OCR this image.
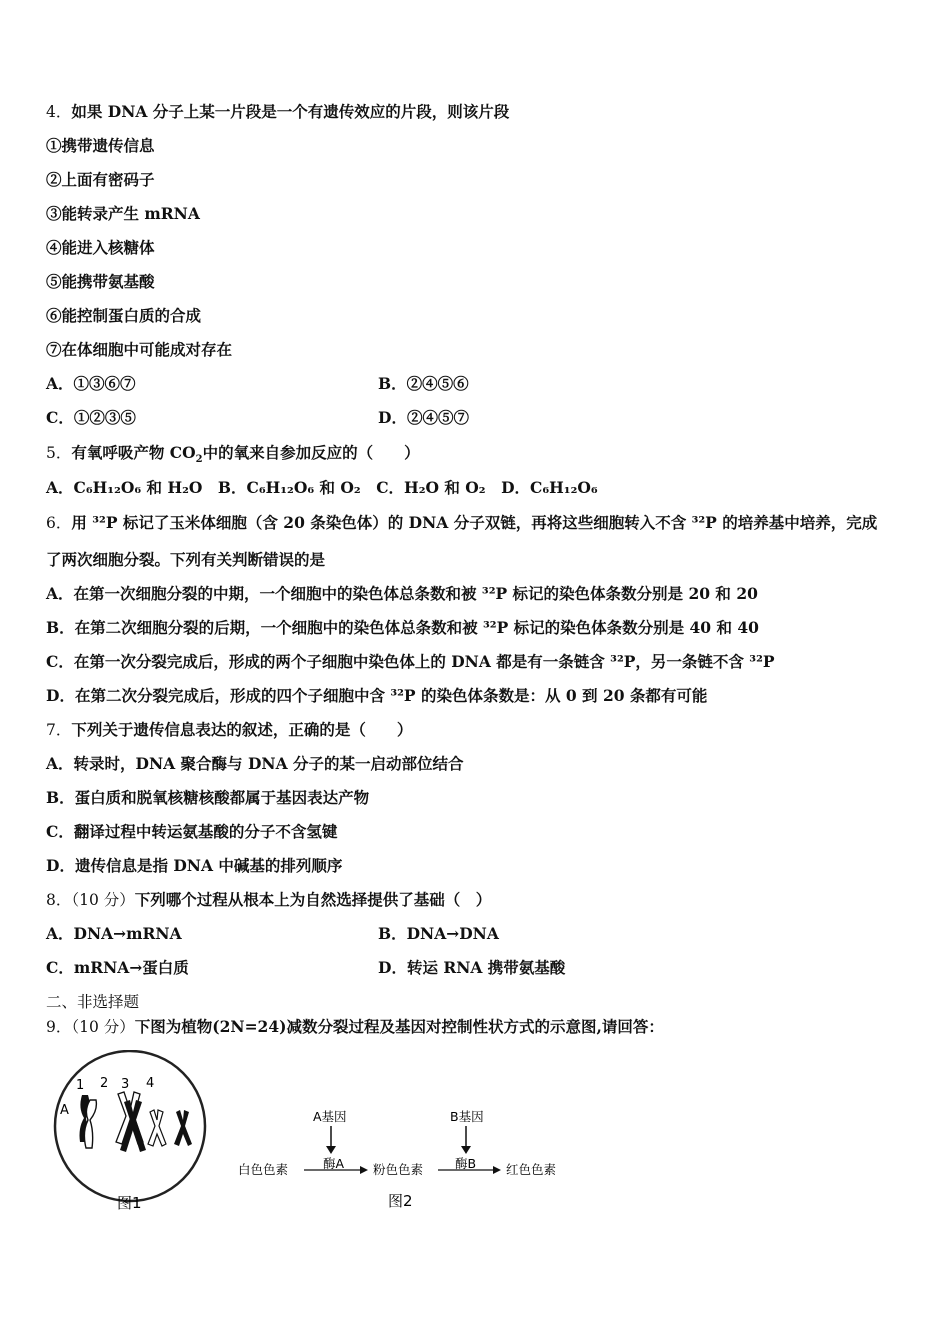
4．如果 DNA 分子上某一片段是一个有遗传效应的片段，则该片段
①携带遗传信息
②上面有密码子
③能转录产生 mRNA
④能进入核糖体
⑤能携带氨基酸
⑥能控制蛋白质的合成
⑦在体细胞中可能成对存在
A．①③⑥⑦	B．②④⑤⑥
C．①②③⑤	D．②④⑤⑦
5．有氧呼吸产物 $CO_2$中的氧来自参加反应的（　　）
A．C₆H₁₂O₆ 和 H₂O　B．C₆H₁₂O₆ 和 O₂　C．H₂O 和 O₂　D．C₆H₁₂O₆
6．用 ³²P 标记了玉米体细胞（含 20 条染色体）的 DNA 分子双链，再将这些细胞转入不含 ³²P 的培养基中培养，完成
了两次细胞分裂。下列有关判断错误的是
A．在第一次细胞分裂的中期，一个细胞中的染色体总条数和被 ³²P 标记的染色体条数分别是 20 和 20
B．在第二次细胞分裂的后期，一个细胞中的染色体总条数和被 ³²P 标记的染色体条数分别是 40 和 40
C．在第一次分裂完成后，形成的两个子细胞中染色体上的 DNA 都是有一条链含 ³²P，另一条链不含 ³²P
D．在第二次分裂完成后，形成的四个子细胞中含 ³²P 的染色体条数是：从 0 到 20 条都有可能
7．下列关于遗传信息表达的叙述，正确的是（　　）
A．转录时，DNA 聚合酶与 DNA 分子的某一启动部位结合
B．蛋白质和脱氧核糖核酸都属于基因表达产物
C．翻译过程中转运氨基酸的分子不含氢键
D．遗传信息是指 DNA 中碱基的排列顺序
8．（10 分）下列哪个过程从根本上为自然选择提供了基础（　）
A．DNA→mRNA	B．DNA→DNA
C．mRNA→蛋白质	D．转运 RNA 携带氨基酸
二、非选择题
9．（10 分）下图为植物(2N=24)减数分裂过程及基因对控制性状方式的示意图,请回答：
1 2 3 4
A
图1
A基因
酶A
B基因
酶B
白色色素	粉色色素	红色色素
图2
